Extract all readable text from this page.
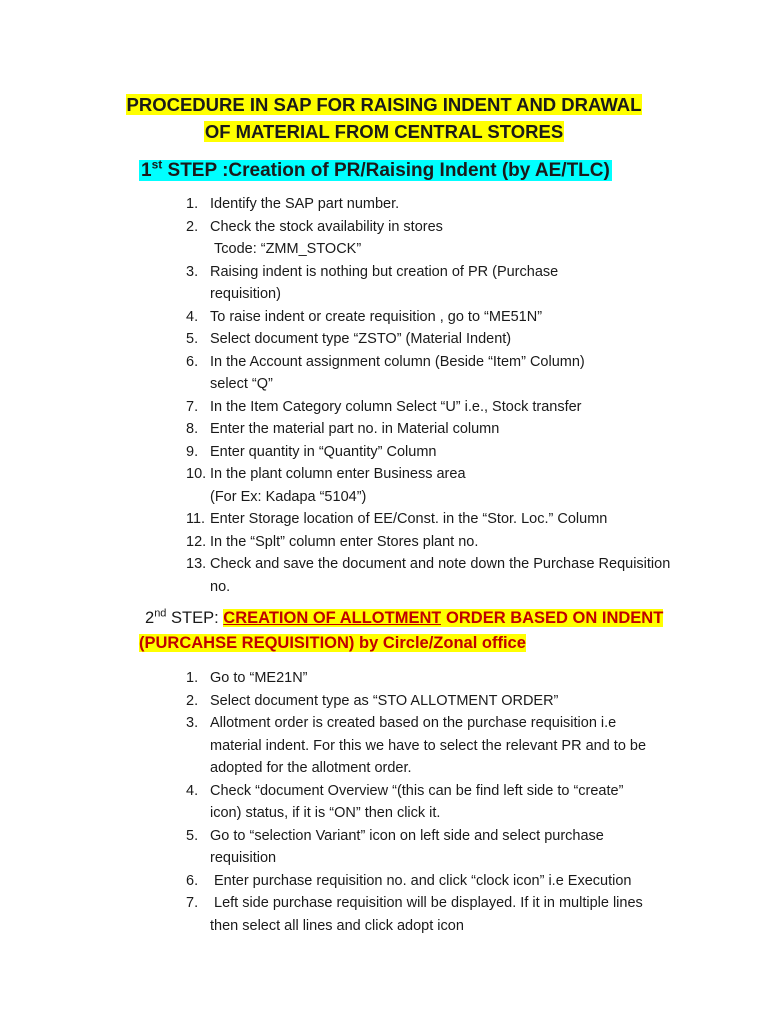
PROCEDURE IN SAP FOR RAISING INDENT AND DRAWAL
OF MATERIAL FROM CENTRAL STORES
1st STEP :Creation of PR/Raising Indent (by AE/TLC)
1. Identify the SAP part number.
2. Check the stock availability in stores
Tcode: “ZMM_STOCK”
3. Raising indent is nothing but creation of PR (Purchase
requisition)
4. To raise indent or create requisition , go to “ME51N”
5. Select document type “ZSTO” (Material Indent)
6. In the Account assignment column (Beside “Item” Column)
select “Q”
7. In the Item Category column Select “U” i.e., Stock transfer
8. Enter the material part no. in Material column
9. Enter quantity in “Quantity” Column
10. In the plant column enter Business area
(For Ex: Kadapa “5104”)
11. Enter Storage location of EE/Const. in the “Stor. Loc.” Column
12. In the “Splt” column enter Stores plant no.
13. Check and save the document and note down the Purchase Requisition
no.
2nd STEP: CREATION OF ALLOTMENT ORDER BASED ON INDENT
(PURCAHSE REQUISITION) by Circle/Zonal office
1. Go to “ME21N”
2. Select document type as “STO ALLOTMENT ORDER”
3. Allotment order is created based on the purchase requisition i.e
material indent. For this we have to select the relevant PR and to be
adopted for the allotment order.
4. Check “document Overview “(this can be find left side to “create”
icon) status, if it is “ON” then click it.
5. Go to “selection Variant” icon on left side and select purchase
requisition
6. Enter purchase requisition no. and click “clock icon” i.e Execution
7. Left side purchase requisition will be displayed. If it in multiple lines
then select all lines and click adopt icon
